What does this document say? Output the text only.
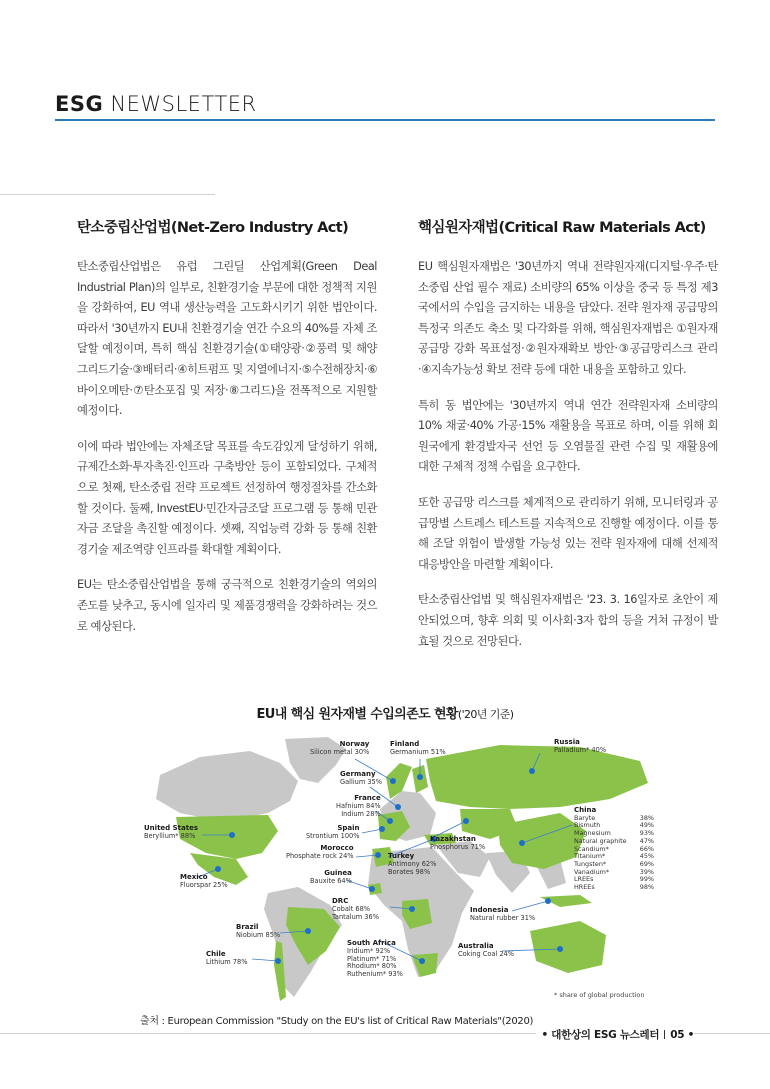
ESG NEWSLETTER
탄소중립산업법(Net-Zero Industry Act)

탄소중립산업법은 유럽 그린딜 산업계획(Green Deal Industrial Plan)의 일부로, 친환경기술 부문에 대한 정책적 지원을 강화하여, EU 역내 생산능력을 고도화시키기 위한 법안이다. 따라서 '30년까지 EU내 친환경기술 연간 수요의 40%를 자체 조달할 예정이며, 특히 핵심 친환경기술(①태양광·②풍력 및 해양 그리드기술·③배터리·④히트펌프 및 지열에너지·⑤수전해장치·⑥바이오메탄·⑦탄소포집 및 저장·⑧그리드)을 전폭적으로 지원할 예정이다.

이에 따라 법안에는 자체조달 목표를 속도감있게 달성하기 위해, 규제간소화·투자촉진·인프라 구축방안 등이 포함되었다. 구체적으로 첫째, 탄소중립 전략 프로젝트 선정하여 행정절차를 간소화할 것이다. 둘째, InvestEU·민간자금조달 프로그램 등 통해 민관 자금 조달을 촉진할 예정이다. 셋째, 직업능력 강화 등 통해 친환경기술 제조역량 인프라를 확대할 계획이다.

EU는 탄소중립산업법을 통해 궁극적으로 친환경기술의 역외의존도를 낮추고, 동시에 일자리 및 제품경쟁력을 강화하려는 것으로 예상된다.

핵심원자재법(Critical Raw Materials Act)

EU 핵심원자재법은 '30년까지 역내 전략원자재(디지털·우주·탄소중립 산업 필수 재료) 소비량의 65% 이상을 중국 등 특정 제3국에서의 수입을 금지하는 내용을 담았다. 전략 원자재 공급망의 특정국 의존도 축소 및 다각화를 위해, 핵심원자재법은 ①원자재공급망 강화 목표설정·②원자재확보 방안·③공급망리스크 관리·④지속가능성 확보 전략 등에 대한 내용을 포함하고 있다.

특히 동 법안에는 '30년까지 역내 연간 전략원자재 소비량의 10% 채굴·40% 가공·15% 재활용을 목표로 하며, 이를 위해 회원국에게 환경발자국 선언 등 오염물질 관련 수집 및 재활용에 대한 구체적 정책 수립을 요구한다.

또한 공급망 리스크를 체계적으로 관리하기 위해, 모니터링과 공급망별 스트레스 테스트를 지속적으로 진행할 예정이다. 이를 통해 조달 위험이 발생할 가능성 있는 전략 원자재에 대해 선제적 대응방안을 마련할 계획이다.

탄소중립산업법 및 핵심원자재법은 '23. 3. 16일자로 초안이 제안되었으며, 향후 의회 및 이사회·3자 합의 등을 거쳐 규정이 발효될 것으로 전망된다.

EU내 핵심 원자재별 수입의존도 현황('20년 기준)
Norway
Silicon metal 30%
Finland
Germanium 51%
Russia
Palladium* 40%
Germany
Gallium 35%
France
Hafnium 84%
Indium 28%
United States
Beryllium* 88%
Spain
Strontium 100%
Morocco
Phosphate rock 24%
Kazakhstan
Phosphorus 71%
Turkey
Antimony 62%
Borates 98%
Mexico
Fluorspar 25%
Guinea
Bauxite 64%
DRC
Cobalt 68%
Tantalum 36%
Indonesia
Natural rubber 31%
Brazil
Niobium 85%
Chile
Lithium 78%
South Africa
Iridium* 92%
Platinum* 71%
Rhodium* 80%
Ruthenium* 93%
Australia
Coking Coal 24%
China
Baryte	38%
Bismuth	49%
Magnesium	93%
Natural graphite 47%
Scandium*	66%
Titanium*	45%
Tungsten*	69%
Vanadium*	39%
LREEs	99%
HREEs	98%
* share of global production
출처 : European Commission "Study on the EU's list of Critical Raw Materials"(2020)
• 대한상의 ESG 뉴스레터 05 •
